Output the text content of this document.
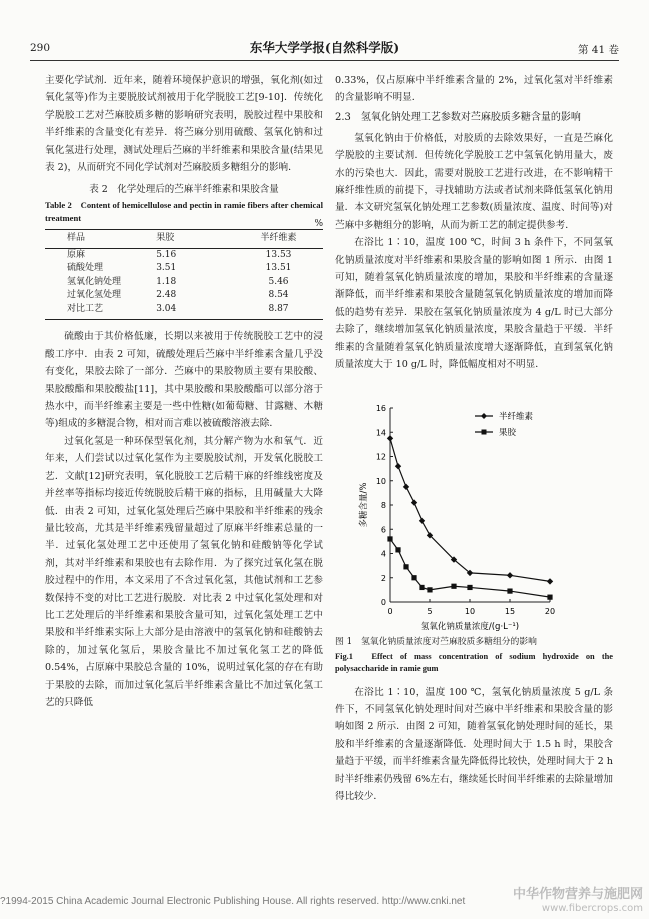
290	东华大学学报(自然科学版)	第 41 卷

主要化学试剂．近年来，随着环境保护意识的增强，氧化剂(如过氧化氢等)作为主要脱胶试剂被用于化学脱胶工艺[9-10]．传统化学脱胶工艺对苎麻胶质多糖的影响研究表明，脱胶过程中果胶和半纤维素的含量变化有差异．将苎麻分别用硫酸、氢氧化钠和过氧化氢进行处理，测试处理后苎麻的半纤维素和果胶含量(结果见表 2)，从而研究不同化学试剂对苎麻胶质多糖组分的影响．

表 2　化学处理后的苎麻半纤维素和果胶含量

Table 2　Content of hemicellulose and pectin in ramie fibers after chemical treatment

%

样品	果胶	半纤维素
原麻	5.16	13.53
硫酸处理	3.51	13.51
氢氧化钠处理	1.18	5.46
过氧化氢处理	2.48	8.54
对比工艺	3.04	8.87

硫酸由于其价格低廉，长期以来被用于传统脱胶工艺中的浸酸工序中．由表 2 可知，硫酸处理后苎麻中半纤维素含量几乎没有变化，果胶去除了一部分．苎麻中的果胶物质主要有果胶酸、果胶酸酯和果胶酸盐[11]，其中果胶酸和果胶酸酯可以部分溶于热水中，而半纤维素主要是一些中性糖(如葡萄糖、甘露糖、木糖等)组成的多糖混合物，相对而言难以被硫酸溶液去除．

过氧化氢是一种环保型氧化剂，其分解产物为水和氧气．近年来，人们尝试以过氧化氢作为主要脱胶试剂，开发氧化脱胶工艺．文献[12]研究表明，氧化脱胶工艺后精干麻的纤维线密度及并丝率等指标均接近传统脱胶后精干麻的指标，且用碱量大大降低．由表 2 可知，过氧化氢处理后苎麻中果胶和半纤维素的残余量比较高，尤其是半纤维素残留量超过了原麻半纤维素总量的一半．过氧化氢处理工艺中还使用了氢氧化钠和硅酸钠等化学试剂，其对半纤维素和果胶也有去除作用．为了探究过氧化氢在脱胶过程中的作用，本文采用了不含过氧化氢，其他试剂和工艺参数保持不变的对比工艺进行脱胶．对比表 2 中过氧化氢处理和对比工艺处理后的半纤维素和果胶含量可知，过氧化氢处理工艺中果胶和半纤维素实际上大部分是由溶液中的氢氧化钠和硅酸钠去除的，加过氧化氢后，果胶含量比不加过氧化氢工艺的降低 0.54%，占原麻中果胶总含量的 10%，说明过氧化氢的存在有助于果胶的去除，而加过氧化氢后半纤维素含量比不加过氧化氢工艺的只降低

0.33%，仅占原麻中半纤维素含量的 2%，过氧化氢对半纤维素的含量影响不明显．

2.3　氢氧化钠处理工艺参数对苎麻胶质多糖含量的影响

氢氧化钠由于价格低，对胶质的去除效果好，一直是苎麻化学脱胶的主要试剂．但传统化学脱胶工艺中氢氧化钠用量大，废水的污染也大．因此，需要对脱胶工艺进行改进，在不影响精干麻纤维性质的前提下，寻找辅助方法或者试剂来降低氢氧化钠用量．本文研究氢氧化钠处理工艺参数(质量浓度、温度、时间等)对苎麻中多糖组分的影响，从而为新工艺的制定提供参考．

在浴比 1∶10，温度 100 ℃，时间 3 h 条件下，不同氢氧化钠质量浓度对半纤维素和果胶含量的影响如图 1 所示．由图 1 可知，随着氢氧化钠质量浓度的增加，果胶和半纤维素的含量逐渐降低，而半纤维素和果胶含量随氢氧化钠质量浓度的增加而降低的趋势有差异．果胶在氢氧化钠质量浓度为 4 g/L 时已大部分去除了，继续增加氢氧化钠质量浓度，果胶含量趋于平缓．半纤维素的含量随着氢氧化钠质量浓度增大逐渐降低，直到氢氧化钠质量浓度大于 10 g/L 时，降低幅度相对不明显．

0	5	10	15	20
0
2
4
6
8
10
12
14
16
多糖含量/%
氢氧化钠质量浓度/(g·L⁻¹)
半纤维素
果胶

图 1　氢氧化钠质量浓度对苎麻胶质多糖组分的影响

Fig.1　Effect of mass concentration of sodium hydroxide on the polysaccharide in ramie gum

在浴比 1∶10，温度 100 ℃，氢氧化钠质量浓度 5 g/L 条件下，不同氢氧化钠处理时间对苎麻中半纤维素和果胶含量的影响如图 2 所示．由图 2 可知，随着氢氧化钠处理时间的延长，果胶和半纤维素的含量逐渐降低．处理时间大于 1.5 h 时，果胶含量趋于平缓，而半纤维素含量先降低得比较快，处理时间大于 2 h 时半纤维素仍残留 6%左右，继续延长时间半纤维素的去除量增加得比较少．

?1994-2015 China Academic Journal Electronic Publishing House. All rights reserved. http://www.cnki.net	中华作物营养与施肥网
www.fibercrops.com
